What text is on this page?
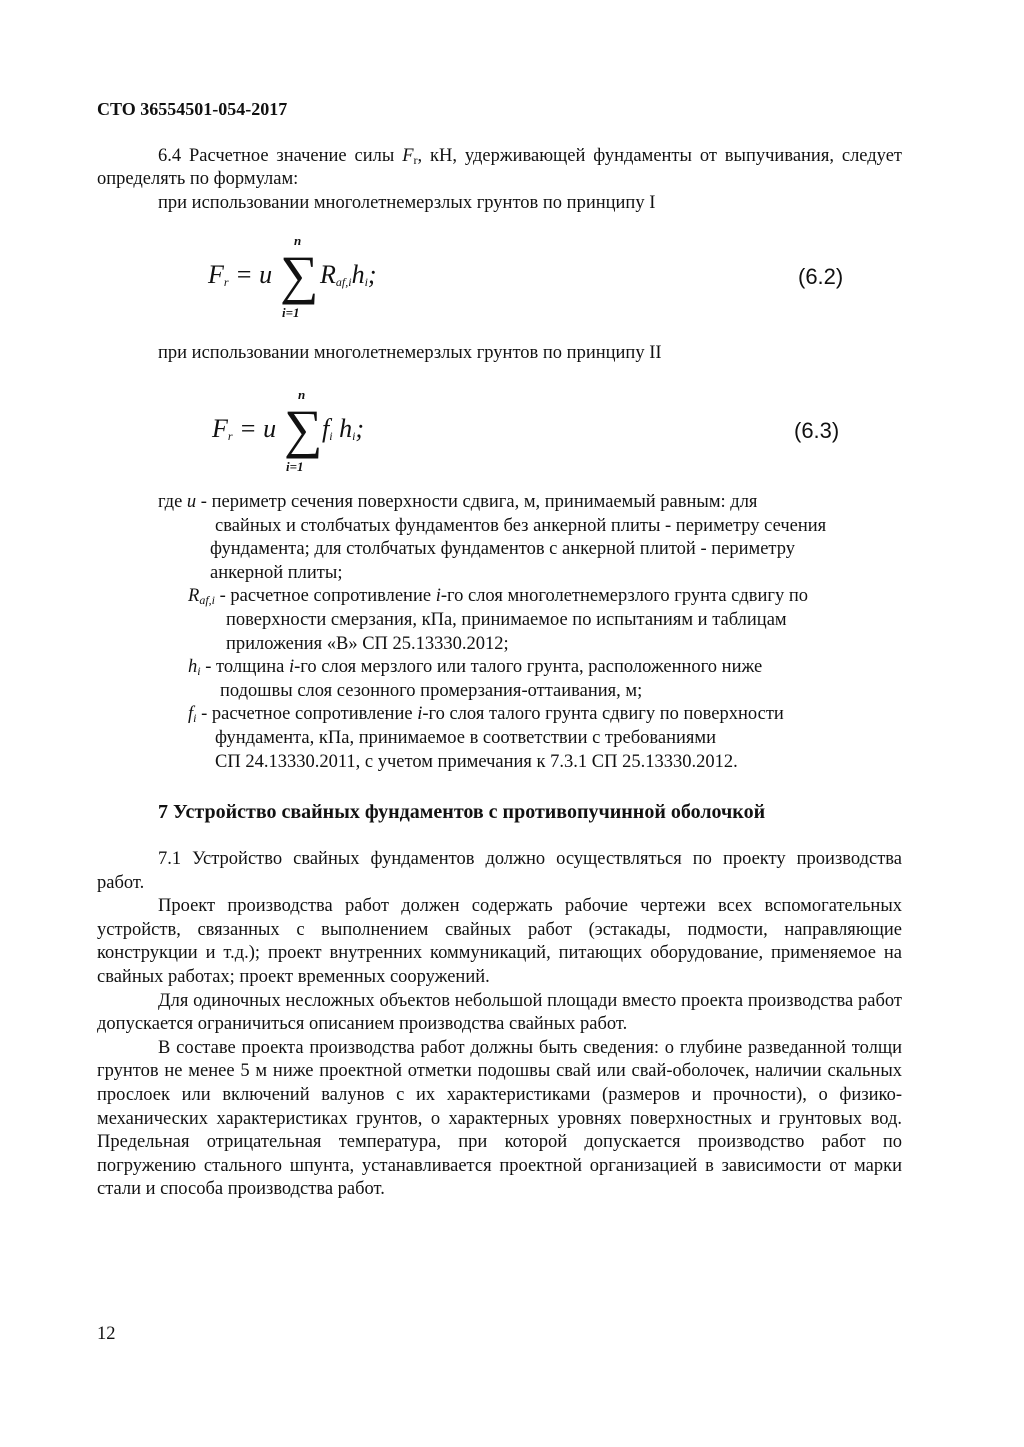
СТО 36554501-054-2017
6.4 Расчетное значение силы $F_r$, кН, удерживающей фундаменты от выпучивания, следует определять по формулам:
при использовании многолетнемерзлых грунтов по принципу I
$F_r = u$
n
∑
i=1
$R_{af,i}h_i$;	(6.2)
при использовании многолетнемерзлых грунтов по принципу II
$F_r = u$
n
∑
i=1
$f_i$ $h_i$;	(6.3)
где u - периметр сечения поверхности сдвига, м, принимаемый равным: для
свайных и столбчатых фундаментов без анкерной плиты - периметру сечения
фундамента; для столбчатых фундаментов с анкерной плитой - периметру
анкерной плиты;
$R_{af,i}$ - расчетное сопротивление i-го слоя многолетнемерзлого грунта сдвигу по
поверхности смерзания, кПа, принимаемое по испытаниям и таблицам
приложения «В» СП 25.13330.2012;
$h_i$ - толщина i-го слоя мерзлого или талого грунта, расположенного ниже
подошвы слоя сезонного промерзания-оттаивания, м;
$f_i$ - расчетное сопротивление i-го слоя талого грунта сдвигу по поверхности
фундамента, кПа, принимаемое в соответствии с требованиями
СП 24.13330.2011, с учетом примечания к 7.3.1 СП 25.13330.2012.
7 Устройство свайных фундаментов с противопучинной оболочкой
7.1 Устройство свайных фундаментов должно осуществляться по проекту производства работ.
Проект производства работ должен содержать рабочие чертежи всех вспомогательных устройств, связанных с выполнением свайных работ (эстакады, подмости, направляющие конструкции и т.д.); проект внутренних коммуникаций, питающих оборудование, применяемое на свайных работах; проект временных сооружений.
Для одиночных несложных объектов небольшой площади вместо проекта производства работ допускается ограничиться описанием производства свайных работ.
В составе проекта производства работ должны быть сведения: о глубине разведанной толщи грунтов не менее 5 м ниже проектной отметки подошвы свай или свай-оболочек, наличии скальных прослоек или включений валунов с их характеристиками (размеров и прочности), о физико-механических характеристиках грунтов, о характерных уровнях поверхностных и грунтовых вод. Предельная отрицательная температура, при которой допускается производство работ по погружению стального шпунта, устанавливается проектной организацией в зависимости от марки стали и способа производства работ.
12
